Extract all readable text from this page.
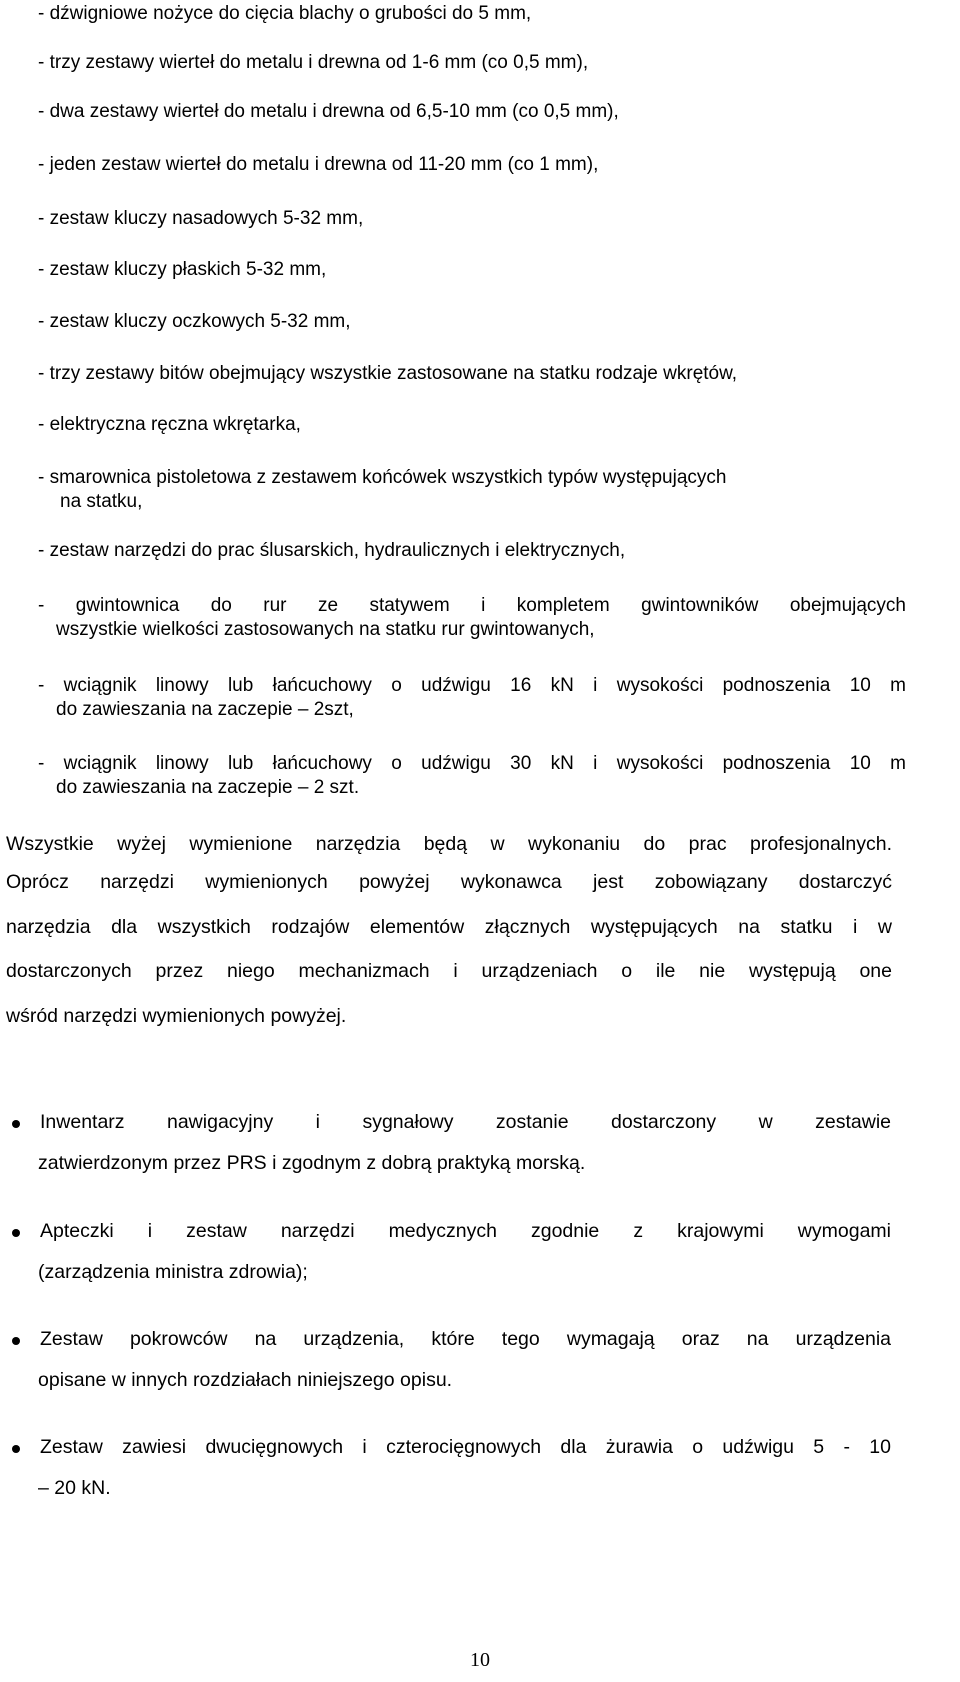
- dźwigniowe nożyce do cięcia blachy o grubości do 5 mm,
- trzy zestawy wierteł do metalu i drewna od 1-6 mm (co 0,5 mm),
- dwa zestawy wierteł do metalu i drewna od 6,5-10 mm (co 0,5 mm),
- jeden zestaw wierteł do metalu i drewna od 11-20 mm (co 1 mm),
- zestaw kluczy nasadowych 5-32 mm,
- zestaw kluczy płaskich 5-32 mm,
- zestaw kluczy oczkowych 5-32 mm,
- trzy zestawy bitów obejmujący wszystkie zastosowane na statku rodzaje wkrętów,
- elektryczna ręczna wkrętarka,
- smarownica pistoletowa z zestawem końcówek wszystkich typów występujących
na statku,
- zestaw narzędzi do prac ślusarskich, hydraulicznych i elektrycznych,
- gwintownica do rur ze statywem i kompletem gwintowników obejmujących
wszystkie wielkości zastosowanych na statku rur gwintowanych,
- wciągnik linowy lub łańcuchowy o udźwigu 16 kN i wysokości podnoszenia 10 m
do zawieszania na zaczepie – 2szt,
- wciągnik linowy lub łańcuchowy o udźwigu 30 kN i wysokości podnoszenia 10 m
do zawieszania na zaczepie – 2 szt.
Wszystkie wyżej wymienione narzędzia będą w wykonaniu do prac profesjonalnych.
Oprócz narzędzi wymienionych powyżej wykonawca jest zobowiązany dostarczyć
narzędzia dla wszystkich rodzajów elementów złącznych występujących na statku i w
dostarczonych przez niego mechanizmach i urządzeniach o ile nie występują one
wśród narzędzi wymienionych powyżej.
Inwentarz nawigacyjny i sygnałowy zostanie dostarczony w zestawie
zatwierdzonym przez PRS i zgodnym z dobrą praktyką morską.
Apteczki i zestaw narzędzi medycznych zgodnie z krajowymi wymogami
(zarządzenia ministra zdrowia);
Zestaw pokrowców na urządzenia, które tego wymagają oraz na urządzenia
opisane w innych rozdziałach niniejszego opisu.
Zestaw zawiesi dwucięgnowych i czterocięgnowych dla żurawia o udźwigu 5 - 10
– 20 kN.
10
